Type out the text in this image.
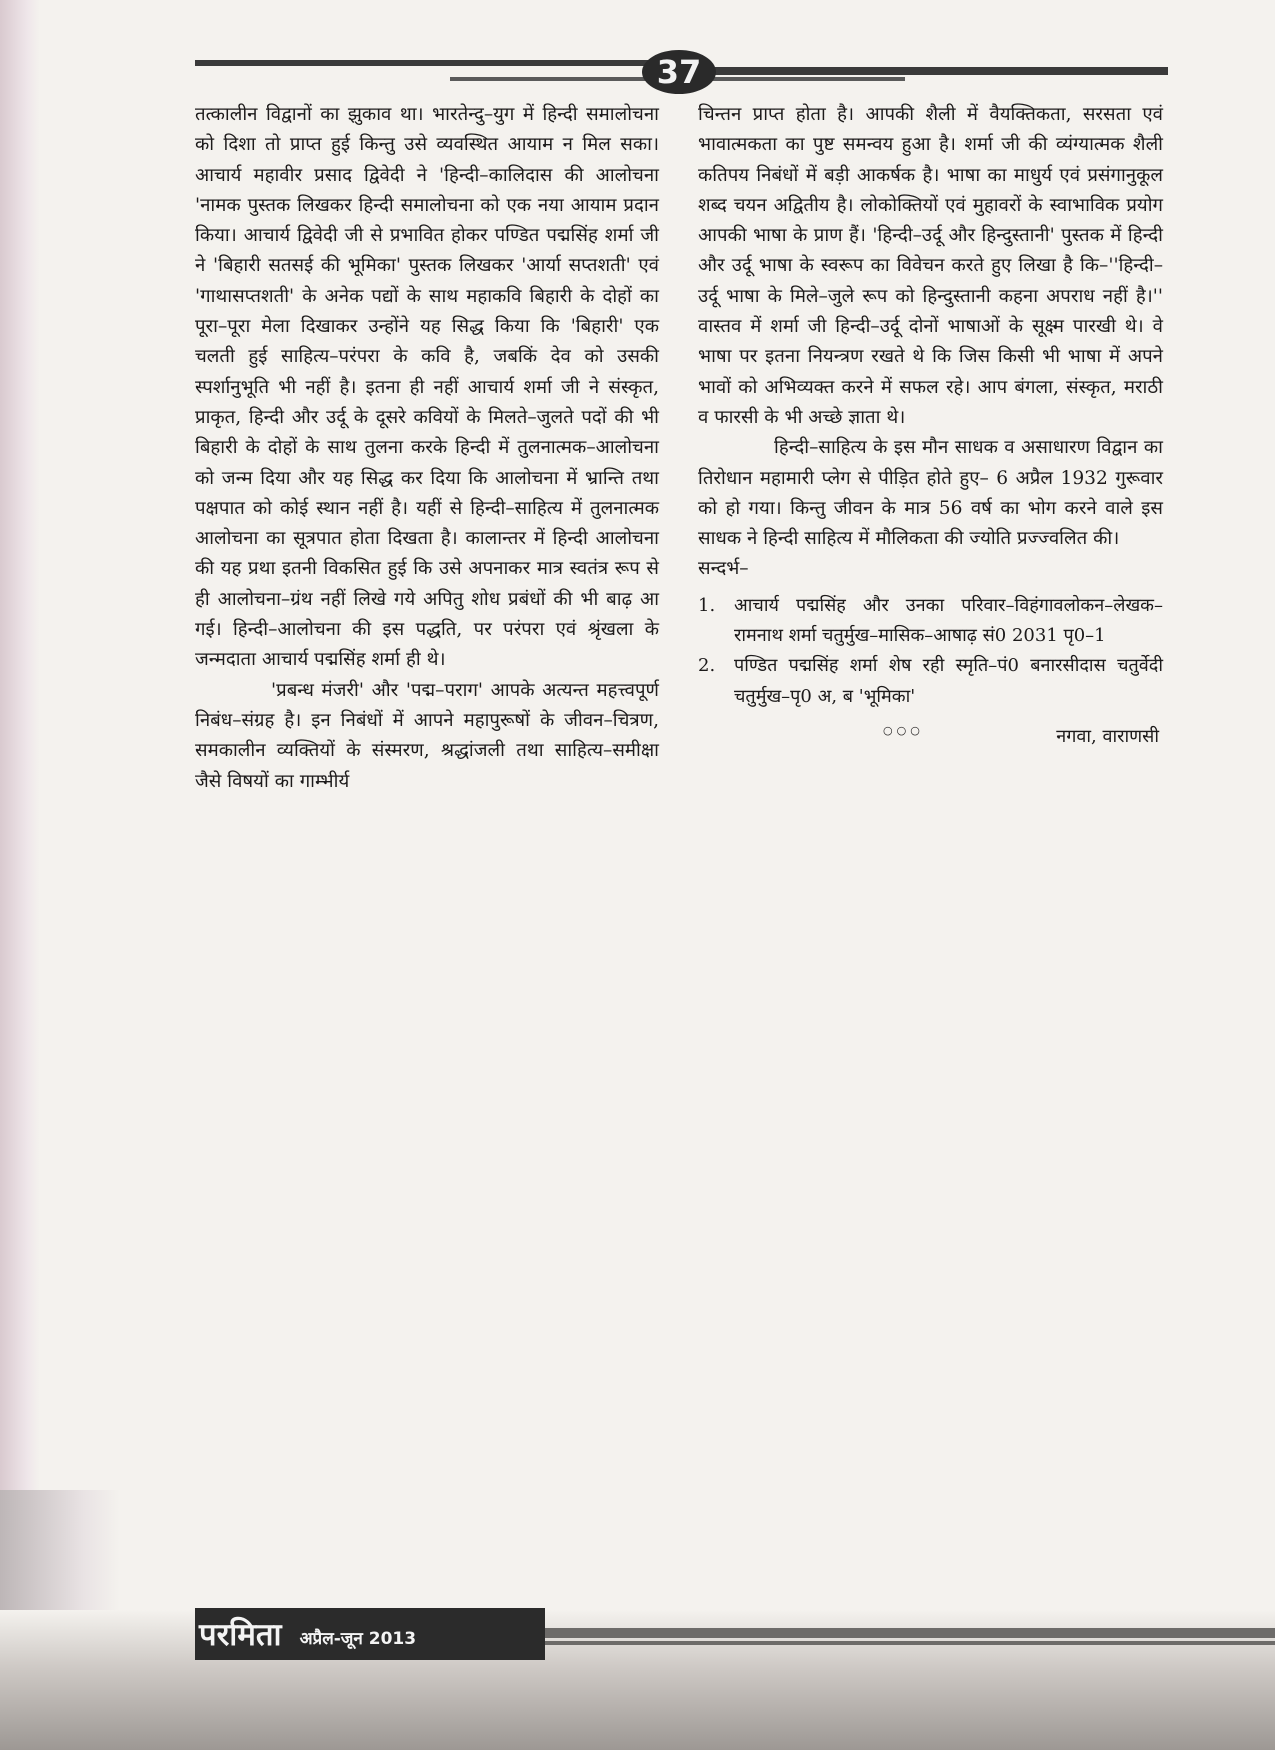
37

तत्कालीन विद्वानों का झुकाव था। भारतेन्दु–युग में हिन्दी समालोचना को दिशा तो प्राप्त हुई किन्तु उसे व्यवस्थित आयाम न मिल सका। आचार्य महावीर प्रसाद द्विवेदी ने 'हिन्दी–कालिदास की आलोचना 'नामक पुस्तक लिखकर हिन्दी समालोचना को एक नया आयाम प्रदान किया। आचार्य द्विवेदी जी से प्रभावित होकर पण्डित पद्मसिंह शर्मा जी ने 'बिहारी सतसई की भूमिका' पुस्तक लिखकर 'आर्या सप्तशती' एवं 'गाथासप्तशती' के अनेक पद्यों के साथ महाकवि बिहारी के दोहों का पूरा–पूरा मेला दिखाकर उन्होंने यह सिद्ध किया कि 'बिहारी' एक चलती हुई साहित्य–परंपरा के कवि है, जबकिं देव को उसकी स्पर्शानुभूति भी नहीं है। इतना ही नहीं आचार्य शर्मा जी ने संस्कृत, प्राकृत, हिन्दी और उर्दू के दूसरे कवियों के मिलते–जुलते पदों की भी बिहारी के दोहों के साथ तुलना करके हिन्दी में तुलनात्मक–आलोचना को जन्म दिया और यह सिद्ध कर दिया कि आलोचना में भ्रान्ति तथा पक्षपात को कोई स्थान नहीं है। यहीं से हिन्दी–साहित्य में तुलनात्मक आलोचना का सूत्रपात होता दिखता है। कालान्तर में हिन्दी आलोचना की यह प्रथा इतनी विकसित हुई कि उसे अपनाकर मात्र स्वतंत्र रूप से ही आलोचना–ग्रंथ नहीं लिखे गये अपितु शोध प्रबंधों की भी बाढ़ आ गई। हिन्दी–आलोचना की इस पद्धति, पर परंपरा एवं श्रृंखला के जन्मदाता आचार्य पद्मसिंह शर्मा ही थे।

'प्रबन्ध मंजरी' और 'पद्म–पराग' आपके अत्यन्त महत्त्वपूर्ण निबंध–संग्रह है। इन निबंधों में आपने महापुरूषों के जीवन–चित्रण, समकालीन व्यक्तियों के संस्मरण, श्रद्धांजली तथा साहित्य–समीक्षा जैसे विषयों का गाम्भीर्य

चिन्तन प्राप्त होता है। आपकी शैली में वैयक्तिकता, सरसता एवं भावात्मकता का पुष्ट समन्वय हुआ है। शर्मा जी की व्यंग्यात्मक शैली कतिपय निबंधों में बड़ी आकर्षक है। भाषा का माधुर्य एवं प्रसंगानुकूल शब्द चयन अद्वितीय है। लोकोक्तियों एवं मुहावरों के स्वाभाविक प्रयोग आपकी भाषा के प्राण हैं। 'हिन्दी–उर्दू और हिन्दुस्तानी' पुस्तक में हिन्दी और उर्दू भाषा के स्वरूप का विवेचन करते हुए लिखा है कि–''हिन्दी–उर्दू भाषा के मिले–जुले रूप को हिन्दुस्तानी कहना अपराध नहीं है।'' वास्तव में शर्मा जी हिन्दी–उर्दू दोनों भाषाओं के सूक्ष्म पारखी थे। वे भाषा पर इतना नियन्त्रण रखते थे कि जिस किसी भी भाषा में अपने भावों को अभिव्यक्त करने में सफल रहे। आप बंगला, संस्कृत, मराठी व फारसी के भी अच्छे ज्ञाता थे।

हिन्दी–साहित्य के इस मौन साधक व असाधारण विद्वान का तिरोधान महामारी प्लेग से पीड़ित होते हुए– 6 अप्रैल 1932 गुरूवार को हो गया। किन्तु जीवन के मात्र 56 वर्ष का भोग करने वाले इस साधक ने हिन्दी साहित्य में मौलिकता की ज्योति प्रज्ज्वलित की।

सन्दर्भ–

1.	आचार्य पद्मसिंह और उनका परिवार–विहंगावलोकन–लेखक–रामनाथ शर्मा चतुर्मुख–मासिक–आषाढ़ सं0 2031 पृ0–1
2.	पण्डित पद्मसिंह शर्मा शेष रही स्मृति–पं0 बनारसीदास चतुर्वेदी चतुर्मुख–पृ0 अ, ब 'भूमिका'
○○○	नगवा, वाराणसी
परमिता अप्रैल-जून 2013
